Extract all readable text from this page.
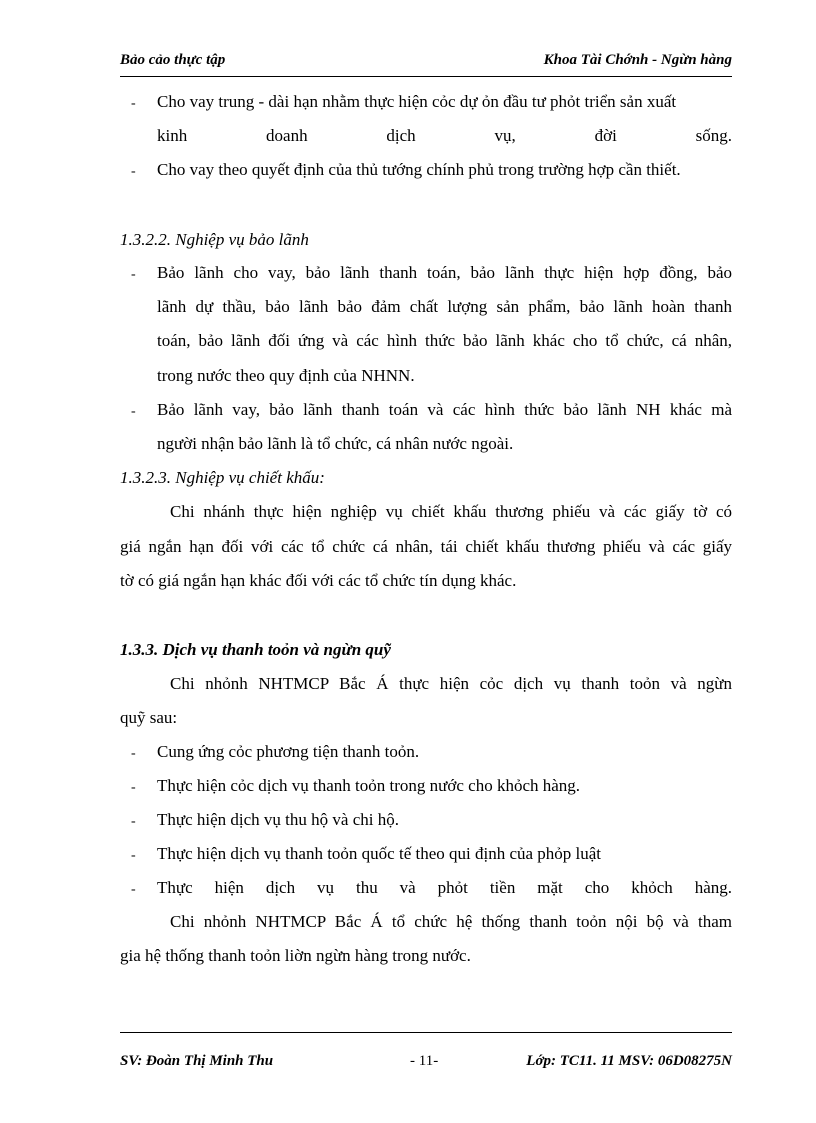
Bảo cảo thực tập	Khoa Tài Chớnh - Ngừn hàng
-	Cho vay trung - dài hạn nhằm thực hiện cỏc dự ỏn đầu tư phỏt triển sản xuất
kinh doanh dịch vụ, đời sống.
-	Cho vay theo quyết định của thủ tướng chính phủ trong trường hợp cần thiết.
1.3.2.2. Nghiệp vụ bảo lãnh
-	Bảo lãnh cho vay, bảo lãnh thanh toán, bảo lãnh thực hiện hợp đồng, bảo
lãnh dự thầu, bảo lãnh bảo đảm chất lượng sản phẩm, bảo lãnh hoàn thanh
toán, bảo lãnh đối ứng và các hình thức bảo lãnh khác cho tổ chức, cá nhân,
trong nước theo quy định của NHNN.
-	Bảo lãnh vay, bảo lãnh thanh toán và các hình thức bảo lãnh NH khác mà
người nhận bảo lãnh là tổ chức, cá nhân nước ngoài.
1.3.2.3. Nghiệp vụ chiết khấu:
Chi nhánh thực hiện nghiệp vụ chiết khấu thương phiếu và các giấy tờ có
giá ngắn hạn đối với các tổ chức cá nhân, tái chiết khấu thương phiếu và các giấy
tờ có giá ngắn hạn khác đối với các tổ chức tín dụng khác.
1.3.3. Dịch vụ thanh toỏn và ngừn quỹ
Chi nhỏnh NHTMCP Bắc Á thực hiện cỏc dịch vụ thanh toỏn và ngừn
quỹ sau:
-	Cung ứng cỏc phương tiện thanh toỏn.
-	Thực hiện cỏc dịch vụ thanh toỏn trong nước cho khỏch hàng.
-	Thực hiện dịch vụ thu hộ và chi hộ.
-	Thực hiện dịch vụ thanh toỏn quốc tế theo qui định của phỏp luật
-	Thực hiện dịch vụ thu và phỏt tiền mặt cho khỏch hàng.
Chi nhỏnh NHTMCP Bắc Á tổ chức hệ thống thanh toỏn nội bộ và tham
gia hệ thống thanh toỏn liờn ngừn hàng trong nước.
SV: Đoàn Thị Minh Thu	- 11-	Lớp: TC11. 11 MSV: 06D08275N
